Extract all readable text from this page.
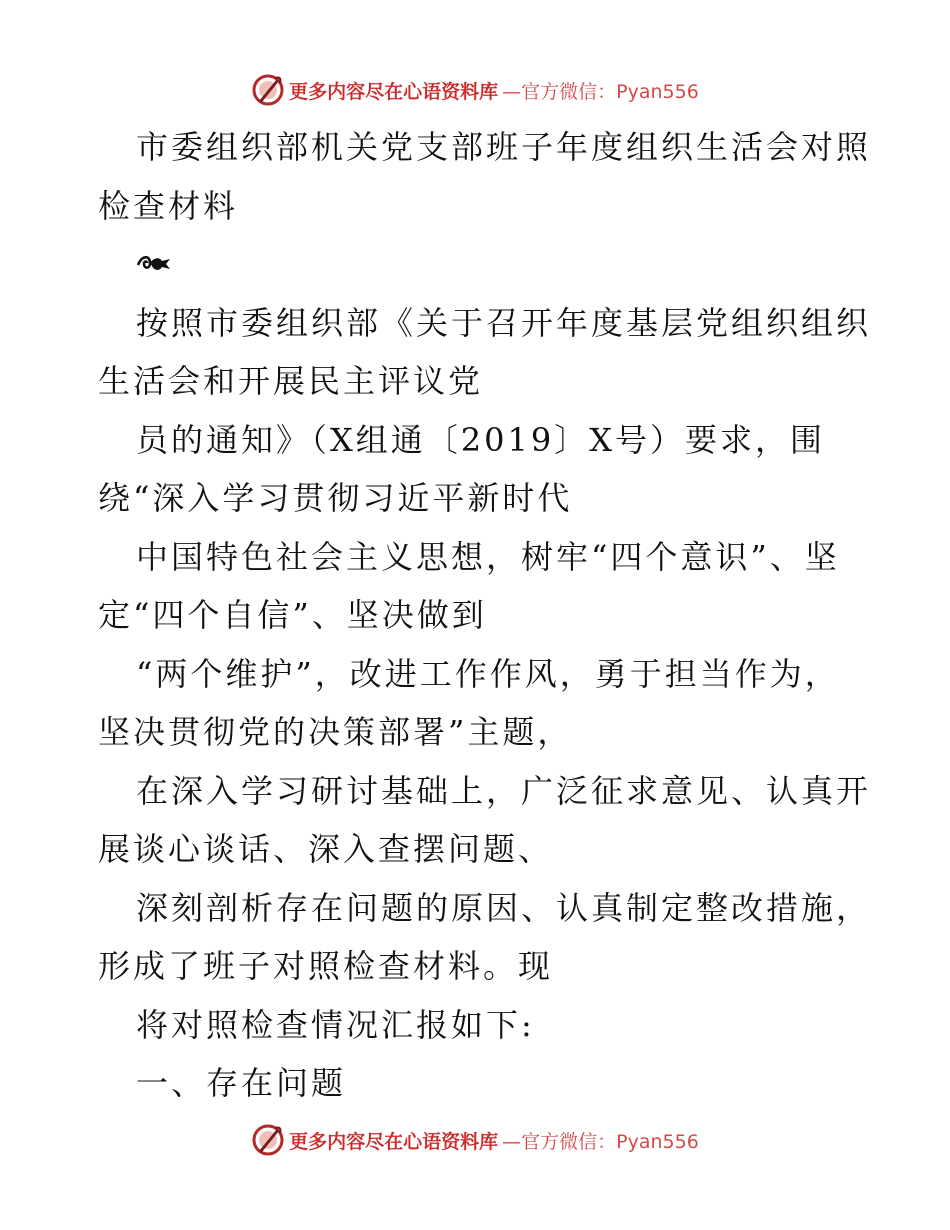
更多内容尽在心语资料库 —官方微信：Pyan556
市委组织部机关党支部班子年度组织生活会对照
检查材料
按照市委组织部《关于召开年度基层党组织组织
生活会和开展民主评议党
员的通知》（X组通〔2019〕X号）要求，围
绕“深入学习贯彻习近平新时代
中国特色社会主义思想，树牢“四个意识”、坚
定“四个自信”、坚决做到
“两个维护”，改进工作作风，勇于担当作为，
坚决贯彻党的决策部署”主题，
在深入学习研讨基础上，广泛征求意见、认真开
展谈心谈话、深入查摆问题、
深刻剖析存在问题的原因、认真制定整改措施，
形成了班子对照检查材料。现
将对照检查情况汇报如下:
一、存在问题
更多内容尽在心语资料库 —官方微信：Pyan556
